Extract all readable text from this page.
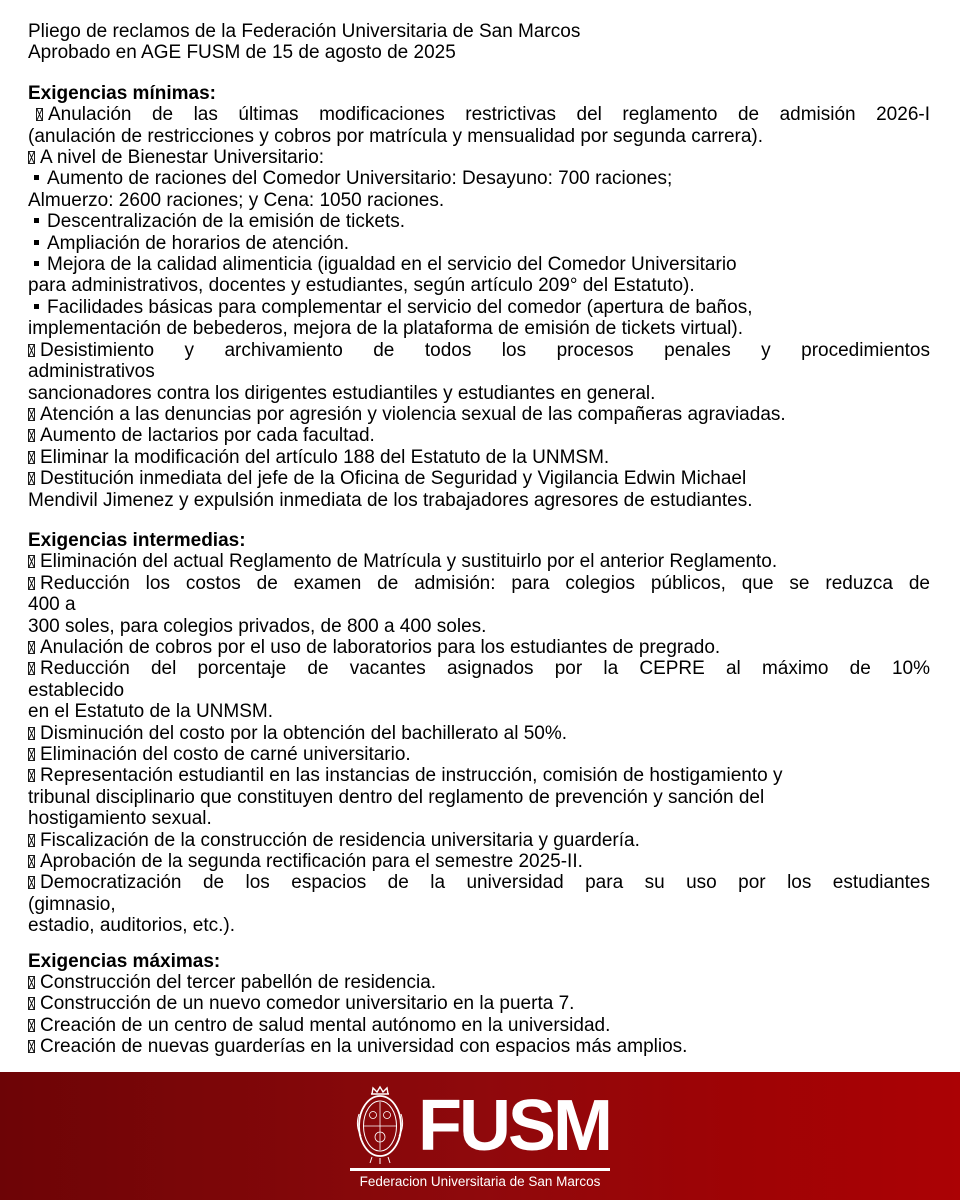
Pliego de reclamos de la Federación Universitaria de San Marcos
Aprobado en AGE FUSM de 15 de agosto de 2025
Exigencias mínimas:
Anulación de las últimas modificaciones restrictivas del reglamento de admisión 2026-I
(anulación de restricciones y cobros por matrícula y mensualidad por segunda carrera).
A nivel de Bienestar Universitario:
Aumento de raciones del Comedor Universitario: Desayuno: 700 raciones;
Almuerzo: 2600 raciones; y Cena: 1050 raciones.
Descentralización de la emisión de tickets.
Ampliación de horarios de atención.
Mejora de la calidad alimenticia (igualdad en el servicio del Comedor Universitario
para administrativos, docentes y estudiantes, según artículo 209° del Estatuto).
Facilidades básicas para complementar el servicio del comedor (apertura de baños,
implementación de bebederos, mejora de la plataforma de emisión de tickets virtual).
Desistimiento y archivamiento de todos los procesos penales y procedimientos
administrativos
sancionadores contra los dirigentes estudiantiles y estudiantes en general.
Atención a las denuncias por agresión y violencia sexual de las compañeras agraviadas.
Aumento de lactarios por cada facultad.
Eliminar la modificación del artículo 188 del Estatuto de la UNMSM.
Destitución inmediata del jefe de la Oficina de Seguridad y Vigilancia Edwin Michael
Mendivil Jimenez y expulsión inmediata de los trabajadores agresores de estudiantes.
Exigencias intermedias:
Eliminación del actual Reglamento de Matrícula y sustituirlo por el anterior Reglamento.
Reducción los costos de examen de admisión: para colegios públicos, que se reduzca de
400 a
300 soles, para colegios privados, de 800 a 400 soles.
Anulación de cobros por el uso de laboratorios para los estudiantes de pregrado.
Reducción del porcentaje de vacantes asignados por la CEPRE al máximo de 10%
establecido
en el Estatuto de la UNMSM.
Disminución del costo por la obtención del bachillerato al 50%.
Eliminación del costo de carné universitario.
Representación estudiantil en las instancias de instrucción, comisión de hostigamiento y
tribunal disciplinario que constituyen dentro del reglamento de prevención y sanción del
hostigamiento sexual.
Fiscalización de la construcción de residencia universitaria y guardería.
Aprobación de la segunda rectificación para el semestre 2025-II.
Democratización de los espacios de la universidad para su uso por los estudiantes
(gimnasio,
estadio, auditorios, etc.).
Exigencias máximas:
Construcción del tercer pabellón de residencia.
Construcción de un nuevo comedor universitario en la puerta 7.
Creación de un centro de salud mental autónomo en la universidad.
Creación de nuevas guarderías en la universidad con espacios más amplios.
FUSM
Federacion Universitaria de San Marcos
